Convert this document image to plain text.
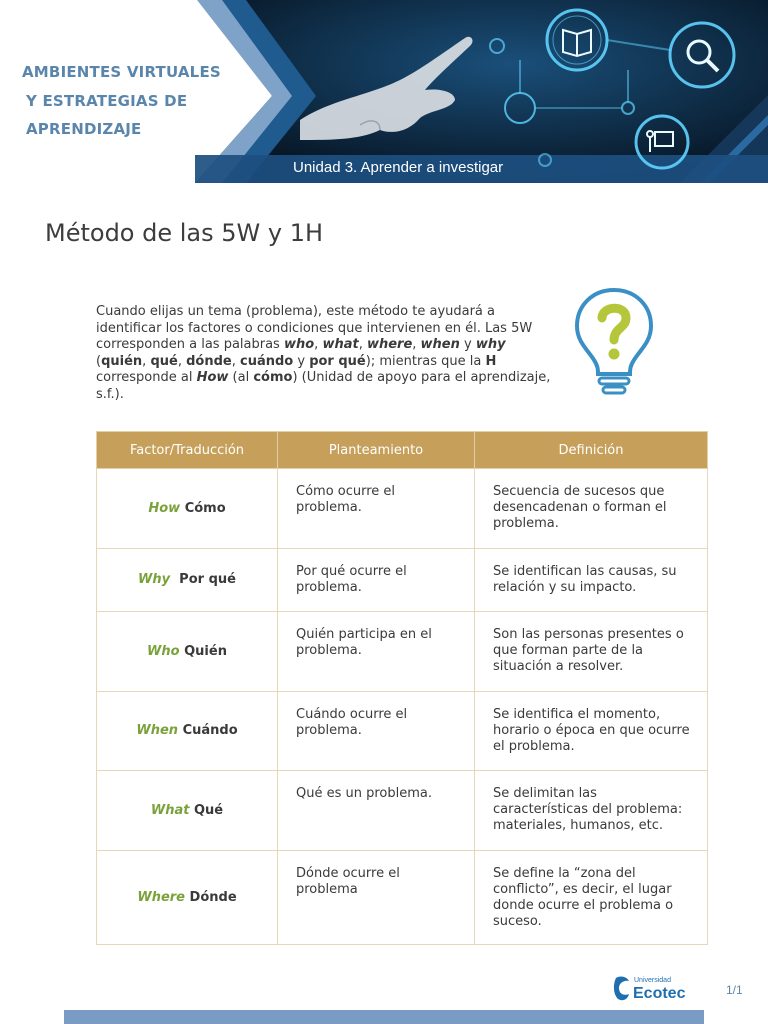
AMBIENTES VIRTUALES
Y ESTRATEGIAS DE
APRENDIZAJE
Unidad 3. Aprender a investigar
Método de las 5W y 1H
Cuando elijas un tema (problema), este método te ayudará a identificar los factores o condiciones que intervienen en él. Las 5W corresponden a las palabras who, what, where, when y why (quién, qué, dónde, cuándo y por qué); mientras que la H corresponde al How (al cómo) (Unidad de apoyo para el aprendizaje, s.f.).
Factor/Traducción	Planteamiento	Definición
How Cómo	Cómo ocurre el problema.	Secuencia de sucesos que desencadenan o forman el problema.
Why Por qué	Por qué ocurre el problema.	Se identifican las causas, su relación y su impacto.
Who Quién	Quién participa en el problema.	Son las personas presentes o que forman parte de la situación a resolver.
When Cuándo	Cuándo ocurre el problema.	Se identifica el momento, horario o época en que ocurre el problema.
What Qué	Qué es un problema.	Se delimitan las características del problema: materiales, humanos, etc.
Where Dónde	Dónde ocurre el problema	Se define la “zona del conflicto”, es decir, el lugar donde ocurre el problema o suceso.
Universidad
Ecotec	1/1
